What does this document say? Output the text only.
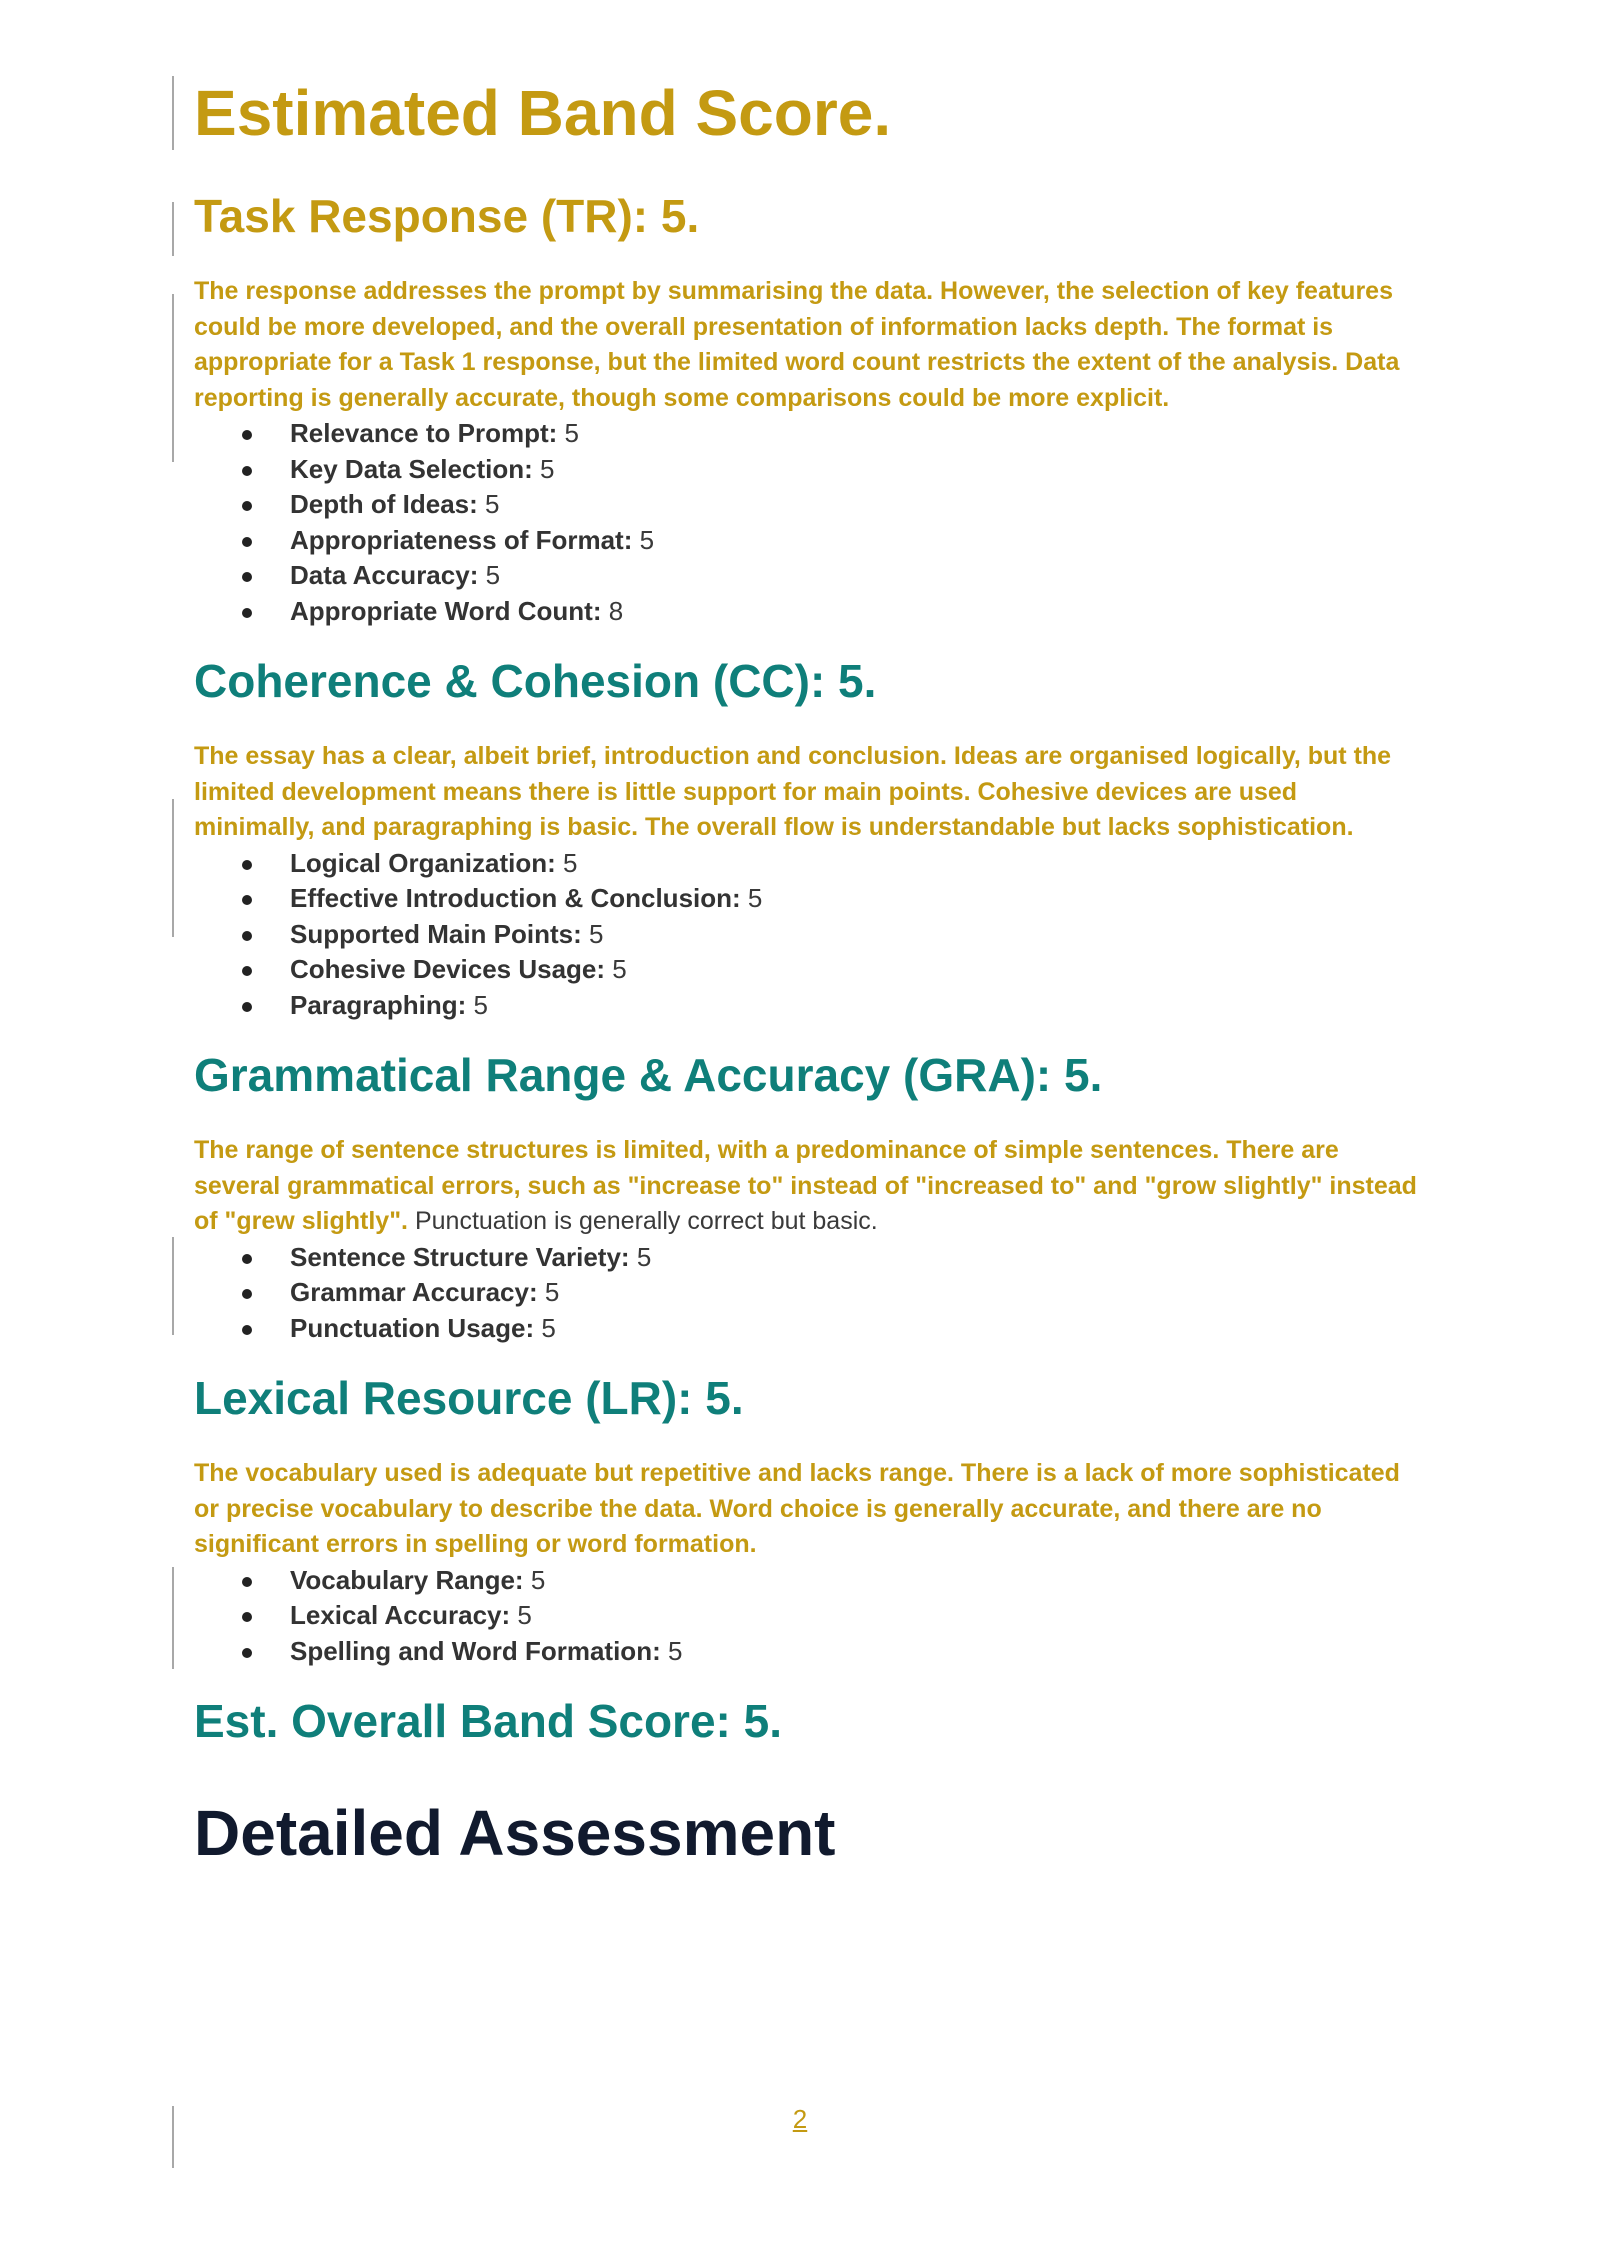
Estimated Band Score.
Task Response (TR): 5.

The response addresses the prompt by summarising the data. However, the selection of key features could be more developed, and the overall presentation of information lacks depth. The format is appropriate for a Task 1 response, but the limited word count restricts the extent of the analysis. Data reporting is generally accurate, though some comparisons could be more explicit.

Relevance to Prompt: 5
Key Data Selection: 5
Depth of Ideas: 5
Appropriateness of Format: 5
Data Accuracy: 5
Appropriate Word Count: 8
Coherence & Cohesion (CC): 5.

The essay has a clear, albeit brief, introduction and conclusion. Ideas are organised logically, but the limited development means there is little support for main points. Cohesive devices are used minimally, and paragraphing is basic. The overall flow is understandable but lacks sophistication.

Logical Organization: 5
Effective Introduction & Conclusion: 5
Supported Main Points: 5
Cohesive Devices Usage: 5
Paragraphing: 5
Grammatical Range & Accuracy (GRA): 5.

The range of sentence structures is limited, with a predominance of simple sentences. There are several grammatical errors, such as "increase to" instead of "increased to" and "grow slightly" instead of "grew slightly". Punctuation is generally correct but basic.

Sentence Structure Variety: 5
Grammar Accuracy: 5
Punctuation Usage: 5
Lexical Resource (LR): 5.

The vocabulary used is adequate but repetitive and lacks range. There is a lack of more sophisticated or precise vocabulary to describe the data. Word choice is generally accurate, and there are no significant errors in spelling or word formation.

Vocabulary Range: 5
Lexical Accuracy: 5
Spelling and Word Formation: 5
Est. Overall Band Score: 5.
Detailed Assessment
2
